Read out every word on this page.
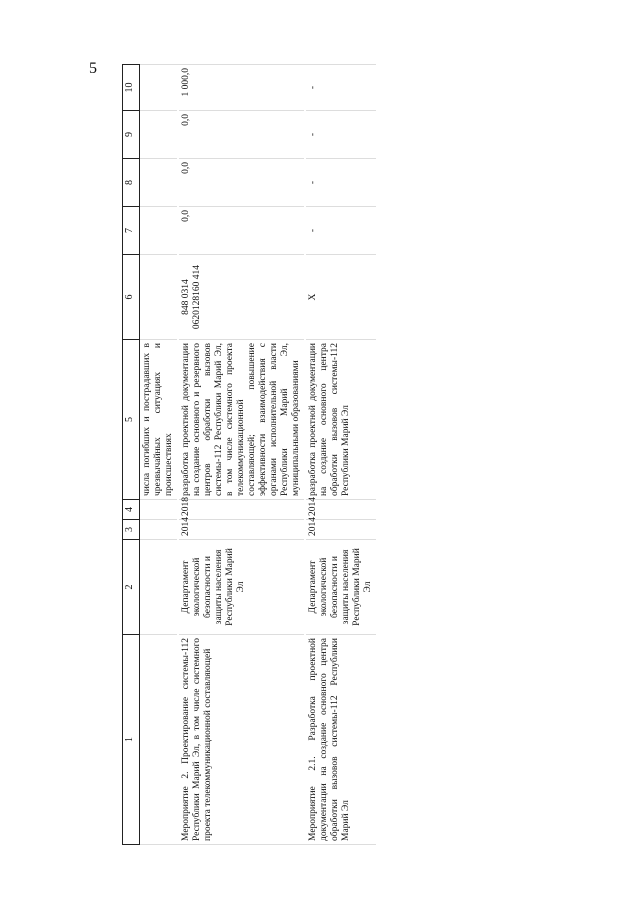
5
1	2	3	4	5	6	7	8	9	10
				числа погибших и пострадавших в чрезвычайных ситуациях и происшествиях					

Мероприятие 2. Проектирование системы-112 Республики Марий Эл, в том числе системного проекта телекоммуникационной составляющей	Департамент экологической безопасности и защиты населения Республики Марий Эл	2014	2018	разработка проектной документации на создание основного и резервного центров обработки вызовов системы-112 Республики Марий Эл, в том числе системного проекта телекоммуникационной составляющей; повышение эффективности взаимодействия с органами исполнительной власти Республики Марий Эл, муниципальными образованиями	848 0314 0620128160 414	0,0	0,0	0,0	1 000,0

Мероприятие 2.1. Разработка проектной документации на создание основного центра обработки вызовов системы-112 Республики Марий Эл	Департамент экологической безопасности и защиты населения Республики Марий Эл	2014	2014	разработка проектной документации на создание основного центра обработки вызовов системы-112 Республики Марий Эл	X	-	-	-	-
